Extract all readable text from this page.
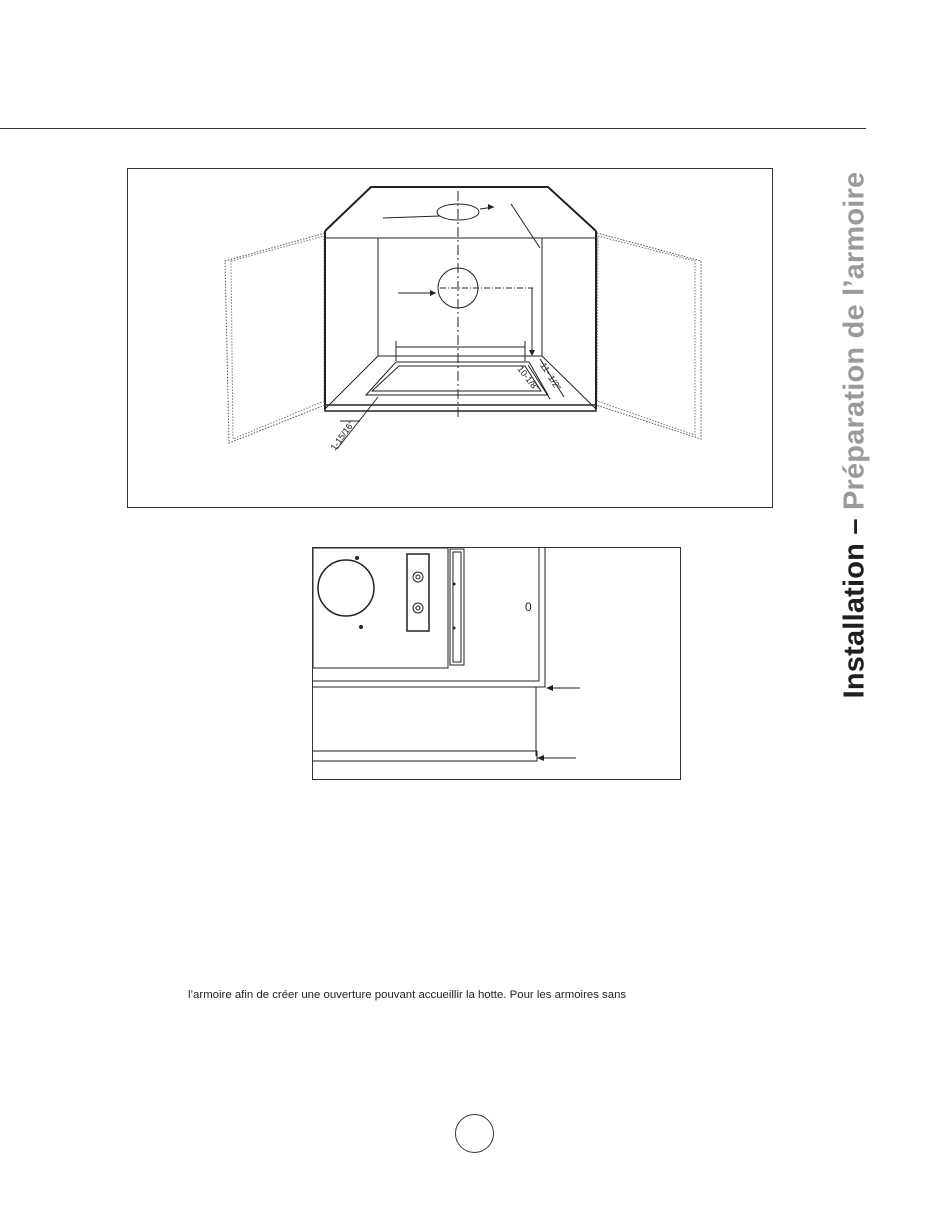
11- 1/2"
10-1/8"
1-15/16"
0	Installation – Préparation de l’armoire
l’armoire afin de créer une ouverture pouvant accueillir la hotte. Pour les armoires sans
